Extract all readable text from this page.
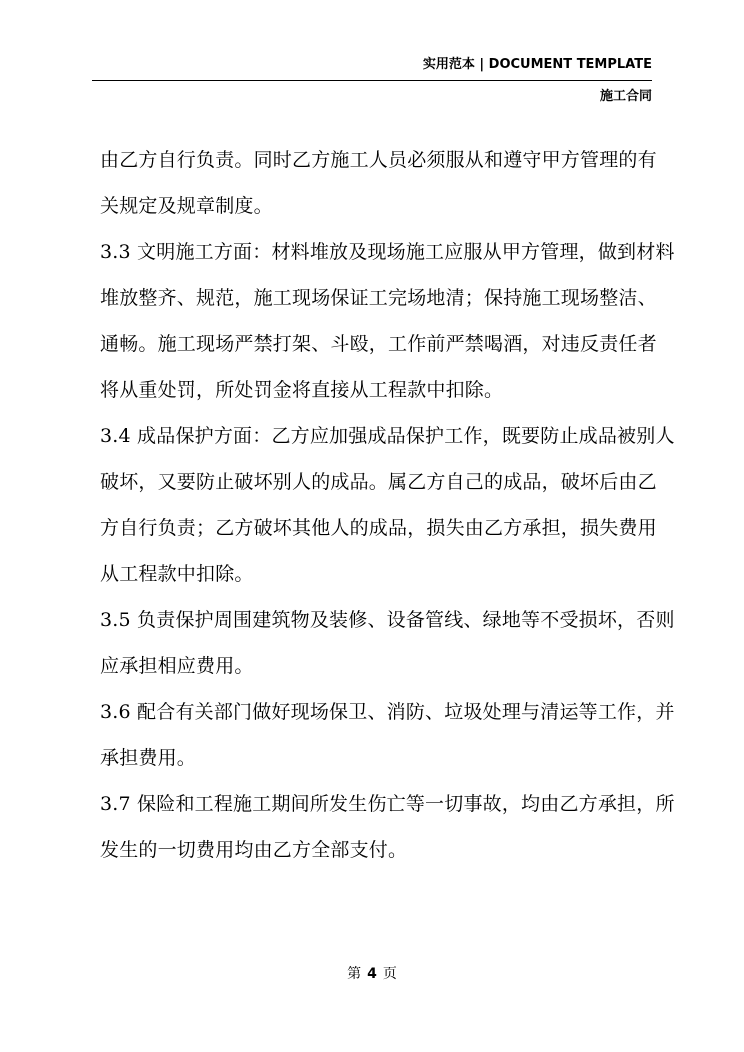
实用范本 | DOCUMENT TEMPLATE
施工合同
由乙方自行负责。同时乙方施工人员必须服从和遵守甲方管理的有
关规定及规章制度。
3.3 文明施工方面：材料堆放及现场施工应服从甲方管理，做到材料
堆放整齐、规范，施工现场保证工完场地清；保持施工现场整洁、
通畅。施工现场严禁打架、斗殴，工作前严禁喝酒，对违反责任者
将从重处罚，所处罚金将直接从工程款中扣除。
3.4 成品保护方面：乙方应加强成品保护工作，既要防止成品被别人
破坏，又要防止破坏别人的成品。属乙方自己的成品，破坏后由乙
方自行负责；乙方破坏其他人的成品，损失由乙方承担，损失费用
从工程款中扣除。
3.5 负责保护周围建筑物及装修、设备管线、绿地等不受损坏，否则
应承担相应费用。
3.6 配合有关部门做好现场保卫、消防、垃圾处理与清运等工作，并
承担费用。
3.7 保险和工程施工期间所发生伤亡等一切事故，均由乙方承担，所
发生的一切费用均由乙方全部支付。
第 4 页
